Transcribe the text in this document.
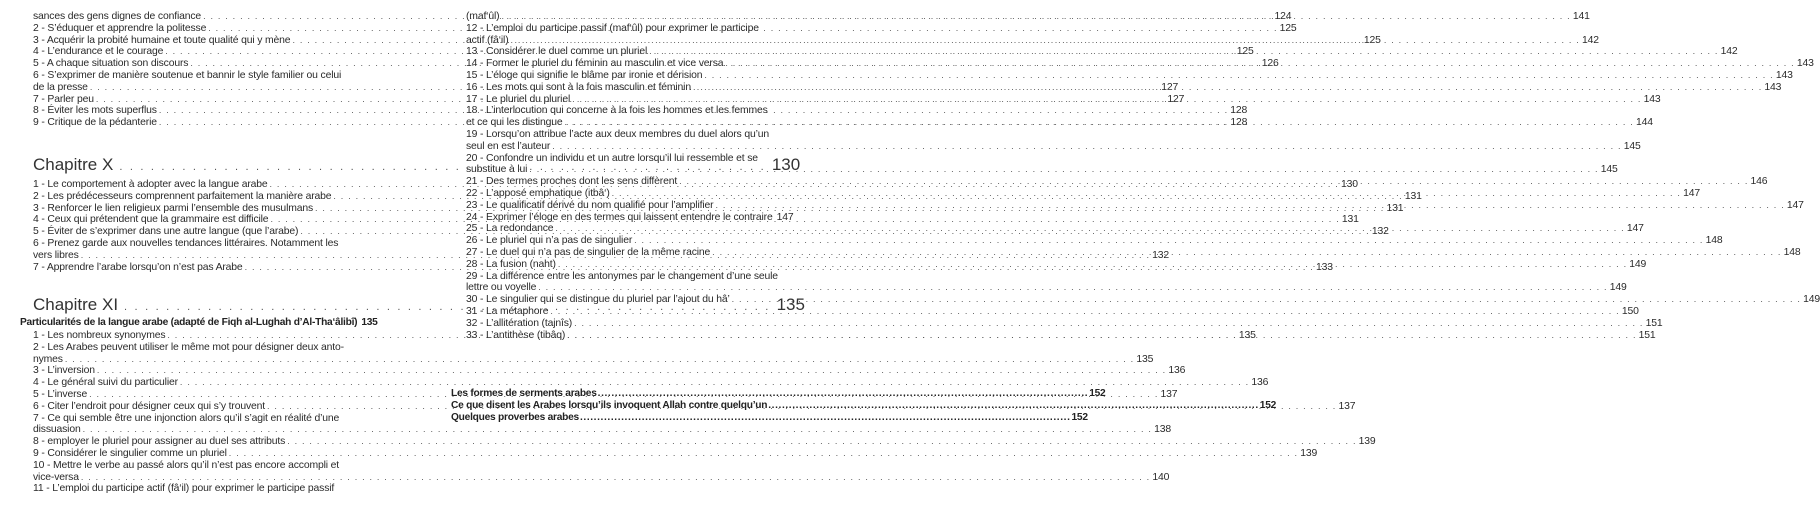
sances des gens dignes de confiance . . .	124
2 - S’éduquer et apprendre la politesse . . .	125
3 - Acquérir la probité humaine et toute qualité qui y mène . . .	125
4 - L’endurance et le courage . . .	125
5 - A chaque situation son discours . . .	126
6 - S’exprimer de manière soutenue et bannir le style familier ou celui
de la presse . . .	127
7 - Parler peu . . .	127
8 - Éviter les mots superflus . . .	128
9 - Critique de la pédanterie . . .	128
Chapitre X . . .	130
1 - Le comportement à adopter avec la langue arabe . . .	130
2 - Les prédécesseurs comprennent parfaitement la manière arabe . . .	131
3 - Renforcer le lien religieux parmi l’ensemble des musulmans . . .	131
4 - Ceux qui prétendent que la grammaire est difficile . . .	131
5 - Éviter de s’exprimer dans une autre langue (que l’arabe) . . .	132
6 - Prenez garde aux nouvelles tendances littéraires. Notamment les
vers libres . . .	132
7 - Apprendre l’arabe lorsqu’on n’est pas Arabe . . .	133
Chapitre XI . . .	135
Particularités de la langue arabe (adapté de Fiqh al-Lughah d’Al-Tha‘âlibî) 135
1 - Les nombreux synonymes . . .	135
2 - Les Arabes peuvent utiliser le même mot pour désigner deux anto-
nymes . . .	135
3 - L’inversion . . .	136
4 - Le général suivi du particulier . . .	136
5 - L’inverse . . .	137
6 - Citer l’endroit pour désigner ceux qui s’y trouvent . . .	137
7 - Ce qui semble être une injonction alors qu’il s’agit en réalité d’une
dissuasion . . .	138
8 - employer le pluriel pour assigner au duel ses attributs . . .	139
9 - Considérer le singulier comme un pluriel . . .	139
10 - Mettre le verbe au passé alors qu’il n’est pas encore accompli et
vice-versa . . .	140
11 - L’emploi du participe actif (fâ‘il) pour exprimer le participe passif
(maf‘ûl) . . .	141
12 - L’emploi du participe passif (maf‘ûl) pour exprimer le participe
actif (fâ‘il) . . .	142
13 - Considérer le duel comme un pluriel . . .	142
14 - Former le pluriel du féminin au masculin et vice versa . . .	143
15 - L’éloge qui signifie le blâme par ironie et dérision . . .	143
16 - Les mots qui sont à la fois masculin et féminin . . .	143
17 - Le pluriel du pluriel . . .	143
18 - L’interlocution qui concerne à la fois les hommes et les femmes
et ce qui les distingue . . .	144
19 - Lorsqu’on attribue l’acte aux deux membres du duel alors qu’un
seul en est l’auteur . . .	145
20 - Confondre un individu et un autre lorsqu’il lui ressemble et se
substitue à lui . . .	145
21 - Des termes proches dont les sens diffèrent . . .	146
22 - L’apposé emphatique (itbâ‘) . . .	147
23 - Le qualificatif dérivé du nom qualifié pour l’amplifier . . .	147
24 - Exprimer l’éloge en des termes qui laissent entendre le contraire 147
25 - La redondance . . .	147
26 - Le pluriel qui n’a pas de singulier . . .	148
27 - Le duel qui n’a pas de singulier de la même racine . . .	148
28 - La fusion (naht) . . .	149
29 - La différence entre les antonymes par le changement d’une seule
lettre ou voyelle . . .	149
30 - Le singulier qui se distingue du pluriel par l’ajout du hâ’ . . .	149
31 - La métaphore . . .	150
32 - L’allitération (tajnîs) . . .	151
33 - L’antithèse (tibâq) . . .	151
Les formes de serments arabes .....	152
Ce que disent les Arabes lorsqu’ils invoquent Allah contre quelqu’un .....	152
Quelques proverbes arabes .....	152
